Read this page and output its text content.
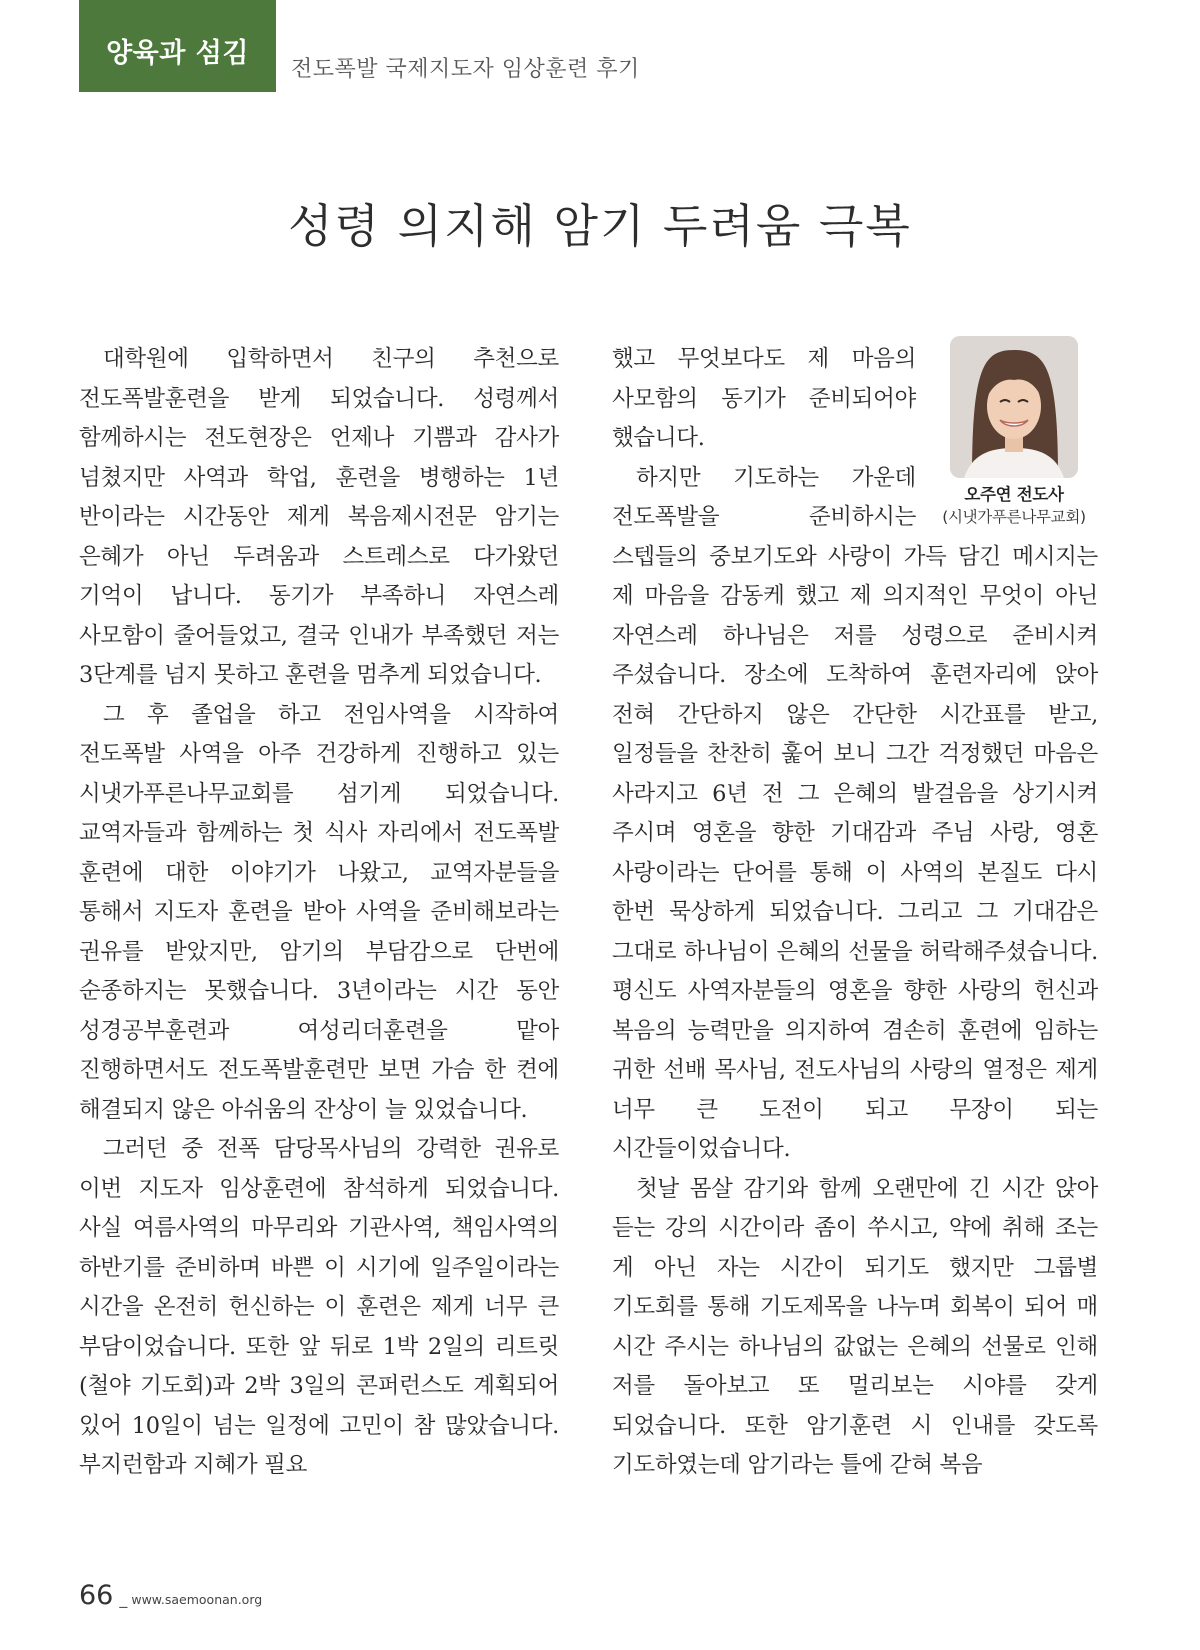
양육과 섬김
전도폭발 국제지도자 임상훈련 후기
성령 의지해 암기 두려움 극복

대학원에 입학하면서 친구의 추천으로 전도폭발훈련을 받게 되었습니다. 성령께서 함께하시는 전도현장은 언제나 기쁨과 감사가 넘쳤지만 사역과 학업, 훈련을 병행하는 1년 반이라는 시간동안 제게 복음제시전문 암기는 은혜가 아닌 두려움과 스트레스로 다가왔던 기억이 납니다. 동기가 부족하니 자연스레 사모함이 줄어들었고, 결국 인내가 부족했던 저는 3단계를 넘지 못하고 훈련을 멈추게 되었습니다.

그 후 졸업을 하고 전임사역을 시작하여 전도폭발 사역을 아주 건강하게 진행하고 있는 시냇가푸른나무교회를 섬기게 되었습니다. 교역자들과 함께하는 첫 식사 자리에서 전도폭발 훈련에 대한 이야기가 나왔고, 교역자분들을 통해서 지도자 훈련을 받아 사역을 준비해보라는 권유를 받았지만, 암기의 부담감으로 단번에 순종하지는 못했습니다. 3년이라는 시간 동안 성경공부훈련과 여성리더훈련을 맡아 진행하면서도 전도폭발훈련만 보면 가슴 한 켠에 해결되지 않은 아쉬움의 잔상이 늘 있었습니다.

그러던 중 전폭 담당목사님의 강력한 권유로 이번 지도자 임상훈련에 참석하게 되었습니다. 사실 여름사역의 마무리와 기관사역, 책임사역의 하반기를 준비하며 바쁜 이 시기에 일주일이라는 시간을 온전히 헌신하는 이 훈련은 제게 너무 큰 부담이었습니다. 또한 앞 뒤로 1박 2일의 리트릿(철야 기도회)과 2박 3일의 콘퍼런스도 계획되어 있어 10일이 넘는 일정에 고민이 참 많았습니다. 부지런함과 지혜가 필요

오주연 전도사
(시냇가푸른나무교회)

했고 무엇보다도 제 마음의 사모함의 동기가 준비되어야 했습니다.

하지만 기도하는 가운데 전도폭발을 준비하시는 스텝들의 중보기도와 사랑이 가득 담긴 메시지는 제 마음을 감동케 했고 제 의지적인 무엇이 아닌 자연스레 하나님은 저를 성령으로 준비시켜 주셨습니다. 장소에 도착하여 훈련자리에 앉아 전혀 간단하지 않은 간단한 시간표를 받고, 일정들을 찬찬히 훑어 보니 그간 걱정했던 마음은 사라지고 6년 전 그 은혜의 발걸음을 상기시켜 주시며 영혼을 향한 기대감과 주님 사랑, 영혼 사랑이라는 단어를 통해 이 사역의 본질도 다시 한번 묵상하게 되었습니다. 그리고 그 기대감은 그대로 하나님이 은혜의 선물을 허락해주셨습니다. 평신도 사역자분들의 영혼을 향한 사랑의 헌신과 복음의 능력만을 의지하여 겸손히 훈련에 임하는 귀한 선배 목사님, 전도사님의 사랑의 열정은 제게 너무 큰 도전이 되고 무장이 되는 시간들이었습니다.

첫날 몸살 감기와 함께 오랜만에 긴 시간 앉아 듣는 강의 시간이라 좀이 쑤시고, 약에 취해 조는 게 아닌 자는 시간이 되기도 했지만 그룹별 기도회를 통해 기도제목을 나누며 회복이 되어 매 시간 주시는 하나님의 값없는 은혜의 선물로 인해 저를 돌아보고 또 멀리보는 시야를 갖게 되었습니다. 또한 암기훈련 시 인내를 갖도록 기도하였는데 암기라는 틀에 갇혀 복음

66 _ www.saemoonan.org
